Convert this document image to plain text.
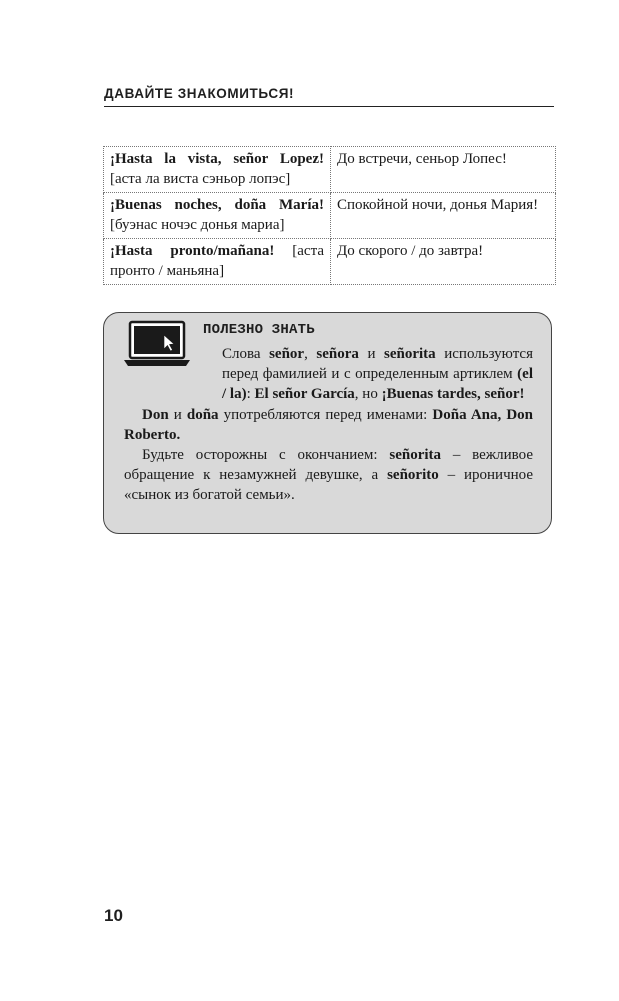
ДАВАЙТЕ ЗНАКОМИТЬСЯ!
¡Hasta la vista, señor Lopez! [аста ла виста сэньор лопэс]	До встречи, сеньор Лопес!
¡Buenas noches, doña María! [буэнас ночэс донья мариа]	Спокойной ночи, донья Мария!
¡Hasta pronto/mañana! [аста пронто / маньяна]	До скорого / до завтра!
ПОЛЕЗНО ЗНАТЬ

Слова señor, señora и señorita используются перед фамилией и с определенным артиклем (el / la): El señor García, но ¡Buenas tardes, señor!

Don и doña употребляются перед именами: Doña Ana, Don Roberto.

Будьте осторожны с окончанием: señorita – вежливое обращение к незамужней девушке, а señorito – ироничное «сынок из богатой семьи».

10
